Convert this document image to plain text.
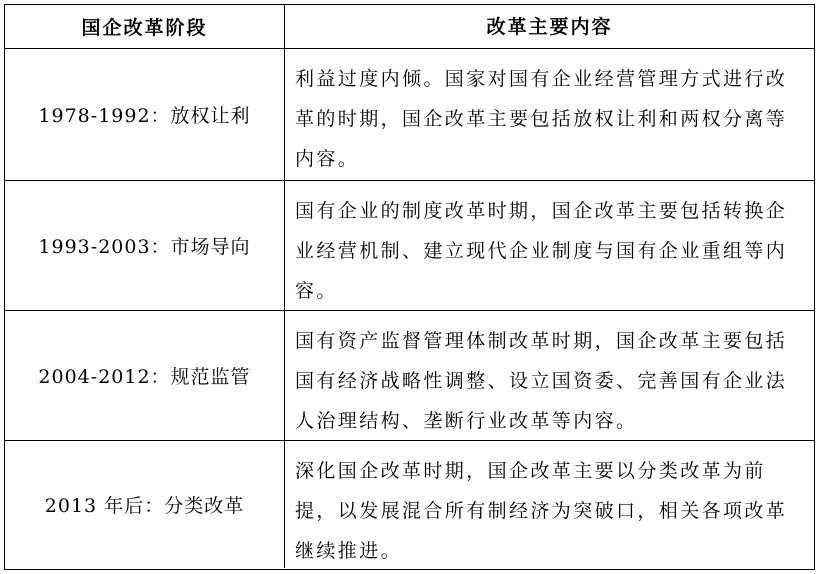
国企改革阶段	改革主要内容
1978-1992：放权让利
利益过度内倾。国家对国有企业经营管理方式进行改革的时期，国企改革主要包括放权让利和两权分离等内容。
1993-2003：市场导向
国有企业的制度改革时期，国企改革主要包括转换企业经营机制、建立现代企业制度与国有企业重组等内容。
2004-2012：规范监管
国有资产监督管理体制改革时期，国企改革主要包括国有经济战略性调整、设立国资委、完善国有企业法人治理结构、垄断行业改革等内容。
2013 年后：分类改革
深化国企改革时期，国企改革主要以分类改革为前提，以发展混合所有制经济为突破口，相关各项改革继续推进。
